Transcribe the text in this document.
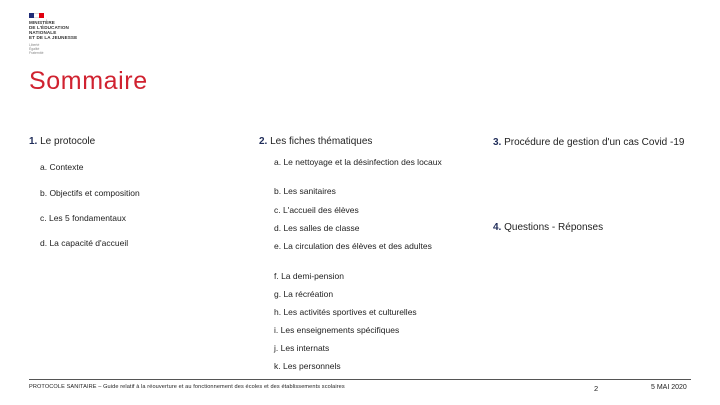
MINISTÈRE
DE L'ÉDUCATION
NATIONALE
ET DE LA JEUNESSE
Liberté
Égalité
Fraternité
Sommaire
1. Le protocole
a. Contexte
b. Objectifs et composition
c. Les 5 fondamentaux
d. La capacité d'accueil
2. Les fiches thématiques
a. Le nettoyage et la désinfection des locaux
b. Les sanitaires
c. L'accueil des élèves
d. Les salles de classe
e. La circulation des élèves et des adultes
f. La demi-pension
g. La récréation
h. Les activités sportives et culturelles
i. Les enseignements spécifiques
j. Les internats
k. Les personnels
3. Procédure de gestion d'un cas Covid -19
4. Questions - Réponses
PROTOCOLE SANITAIRE – Guide relatif à la réouverture et au fonctionnement des écoles et des établissements scolaires	2	5 MAI 2020
